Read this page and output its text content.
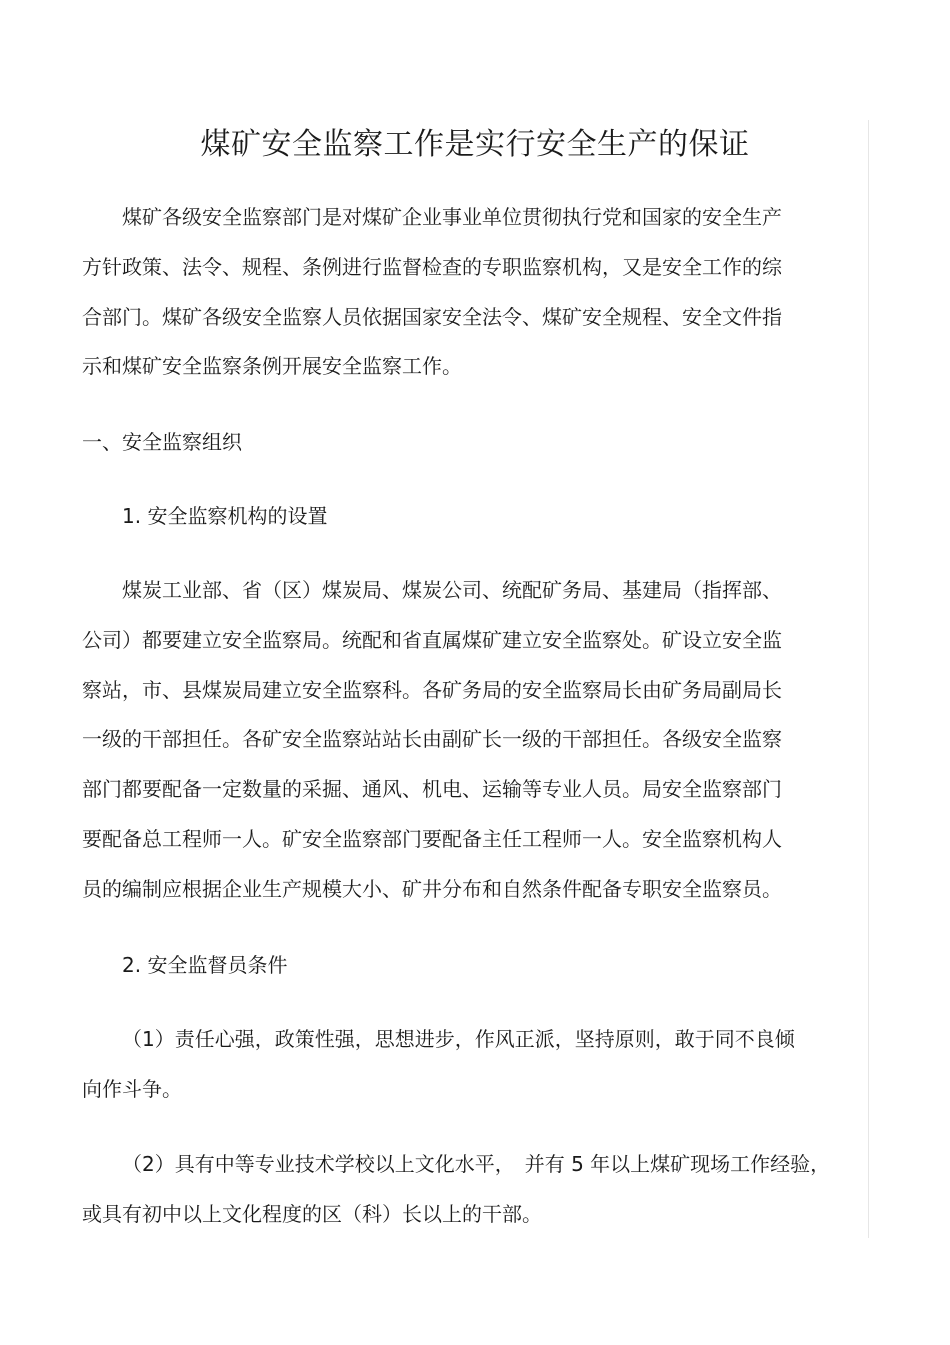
煤矿安全监察工作是实行安全生产的保证
煤矿各级安全监察部门是对煤矿企业事业单位贯彻执行党和国家的安全生产
方针政策、法令、规程、条例进行监督检查的专职监察机构，又是安全工作的综
合部门。煤矿各级安全监察人员依据国家安全法令、煤矿安全规程、安全文件指
示和煤矿安全监察条例开展安全监察工作。
一、安全监察组织
1. 安全监察机构的设置
煤炭工业部、省（区）煤炭局、煤炭公司、统配矿务局、基建局（指挥部、
公司）都要建立安全监察局。统配和省直属煤矿建立安全监察处。矿设立安全监
察站，市、县煤炭局建立安全监察科。各矿务局的安全监察局长由矿务局副局长
一级的干部担任。各矿安全监察站站长由副矿长一级的干部担任。各级安全监察
部门都要配备一定数量的采掘、通风、机电、运输等专业人员。局安全监察部门
要配备总工程师一人。矿安全监察部门要配备主任工程师一人。安全监察机构人
员的编制应根据企业生产规模大小、矿井分布和自然条件配备专职安全监察员。
2. 安全监督员条件
（1）责任心强，政策性强，思想进步，作风正派，坚持原则，敢于同不良倾
向作斗争。
（2）具有中等专业技术学校以上文化水平，　并有 5 年以上煤矿现场工作经验，
或具有初中以上文化程度的区（科）长以上的干部。
